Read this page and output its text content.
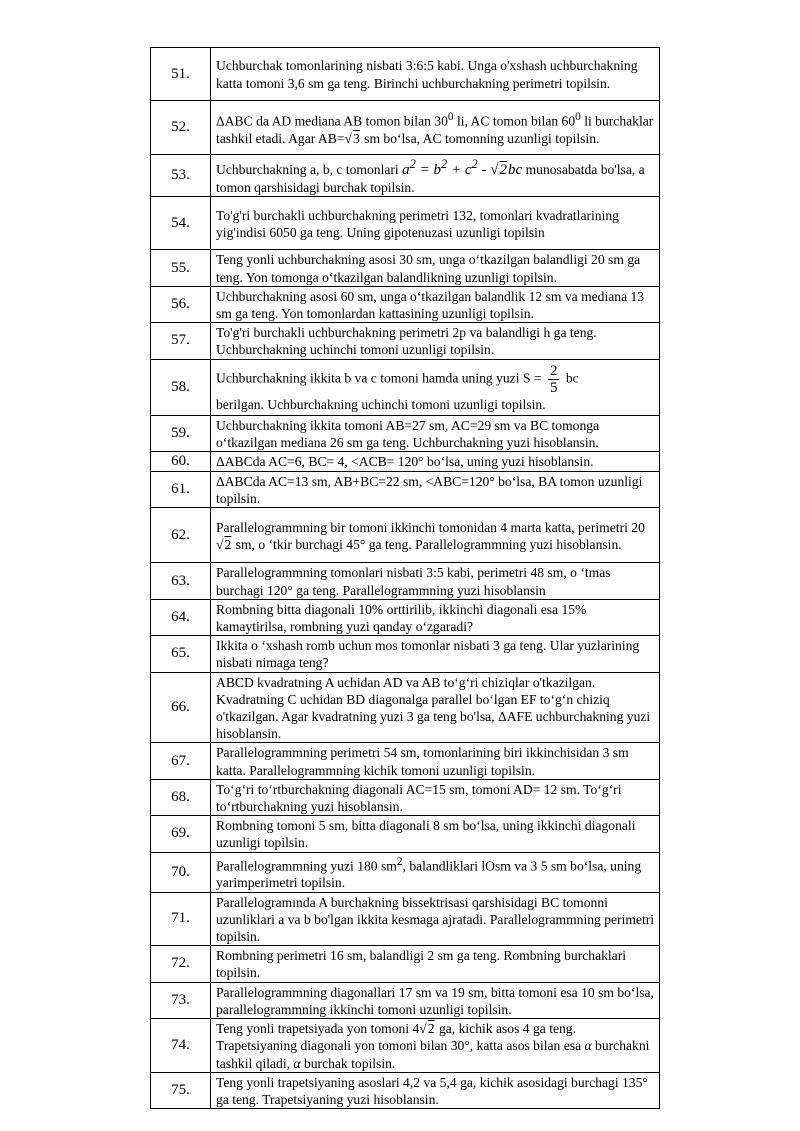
51.	Uchburchak tomonlarining nisbati 3:6:5 kabi. Unga o'xshash uchburchakning katta tomoni 3,6 sm ga teng. Birinchi uchburchakning perimetri topilsin.
52.	ΔABC da AD mediana AB tomon bilan $30^0$ li, AC tomon bilan $60^0$ li burchaklar tashkil etadi. Agar AB=√3 sm bo‘lsa, AC tomonning uzunligi topilsin.
53.	Uchburchakning a, b, c tomonlari $a^2 = b^2 + c^2 - √2bc$ munosabatda bo'lsa, a tomon qarshisidagi burchak topilsin.
54.	To'g'ri burchakli uchburchakning perimetri 132, tomonlari kvadratlarining yig'indisi 6050 ga teng. Uning gipotenuzasi uzunligi topilsin
55.	Teng yonli uchburchakning asosi 30 sm, unga o‘tkazilgan balandligi 20 sm ga teng. Yon tomonga o‘tkazilgan balandlikning uzunligi topilsin.
56.	Uchburchakning asosi 60 sm, unga o‘tkazilgan balandlik 12 sm va mediana 13 sm ga teng. Yon tomonlardan kattasining uzunligi topilsin.
57.	To'g'ri burchakli uchburchakning perimetri 2p va balandligi h ga teng. Uchburchakning uchinchi tomoni uzunligi topilsin.
58.	Uchburchakning ikkita b va c tomoni hamda uning yuzi $S = \frac{2}{5}$ bc
berilgan. Uchburchakning uchinchi tomoni uzunligi topilsin.
59.	Uchburchakning ikkita tomoni AB=27 sm, AC=29 sm va BC tomonga o‘tkazilgan mediana 26 sm ga teng. Uchburchakning yuzi hisoblansin.
60.	ΔABCda AC=6, BC= 4, <ACB= 120° bo‘lsa, uning yuzi hisoblansin.
61.	ΔABCda AC=13 sm, AB+BC=22 sm, <ABC=120° bo‘lsa, BA tomon uzunligi topilsin.
62.	Parallelogrammning bir tomoni ikkinchi tomonidan 4 marta katta, perimetri 20 √2 sm, o ‘tkir burchagi 45° ga teng. Parallelogrammning yuzi hisoblansin.
63.	Parallelogrammning tomonlari nisbati 3:5 kabi, perimetri 48 sm, o ‘tmas burchagi 120° ga teng. Parallelogrammning yuzi hisoblansin
64.	Rombning bitta diagonali 10% orttirilib, ikkinchi diagonali esa 15% kamaytirilsa, rombning yuzi qanday o‘zgaradi?
65.	Ikkita o ‘xshash romb uchun mos tomonlar nisbati 3 ga teng. Ular yuzlarining nisbati nimaga teng?
66.	ABCD kvadratning A uchidan AD va AB to‘g‘ri chiziqlar o'tkazilgan. Kvadratning C uchidan BD diagonalga parallel bo‘lgan EF to‘g‘n chiziq o'tkazilgan. Agar kvadratning yuzi 3 ga teng bo'lsa, ΔAFE uchburchakning yuzi hisoblansin.
67.	Parallelogrammning perimetri 54 sm, tomonlarining biri ikkinchisidan 3 sm katta. Parallelogrammning kichik tomoni uzunligi topilsin.
68.	To‘g‘ri to‘rtburchakning diagonali AC=15 sm, tomoni AD= 12 sm. To‘g‘ri to‘rtburchakning yuzi hisoblansin.
69.	Rombning tomoni 5 sm, bitta diagonali 8 sm bo‘lsa, uning ikkinchi diagonali uzunligi topilsin.
70.	Parallelogrammning yuzi 180 $sm^2$, balandliklari lOsm va 3 5 sm bo‘lsa, uning yarimperimetri topilsin.
71.	Parallelogramında A burchakning bissektrisasi qarshisidagi BC tomonni uzunliklari a va b bo'lgan ikkita kesmaga ajratadi. Parallelogrammning perimetri topilsin.
72.	Rombning perimetri 16 sm, balandligi 2 sm ga teng. Rombning burchaklari topilsin.
73.	Parallelogrammning diagonallari 17 sm va 19 sm, bitta tomoni esa 10 sm bo‘lsa, parallelogrammning ikkinchi tomoni uzunligi topilsin.
74.	Teng yonli trapetsiyada yon tomoni 4√2 ga, kichik asos 4 ga teng. Trapetsiyaning diagonali yon tomoni bilan 30°, katta asos bilan esa α burchakni tashkil qiladi, α burchak topilsin.
75.	Teng yonli trapetsiyaning asoslari 4,2 va 5,4 ga, kichik asosidagi burchagi 135° ga teng. Trapetsiyaning yuzi hisoblansin.
